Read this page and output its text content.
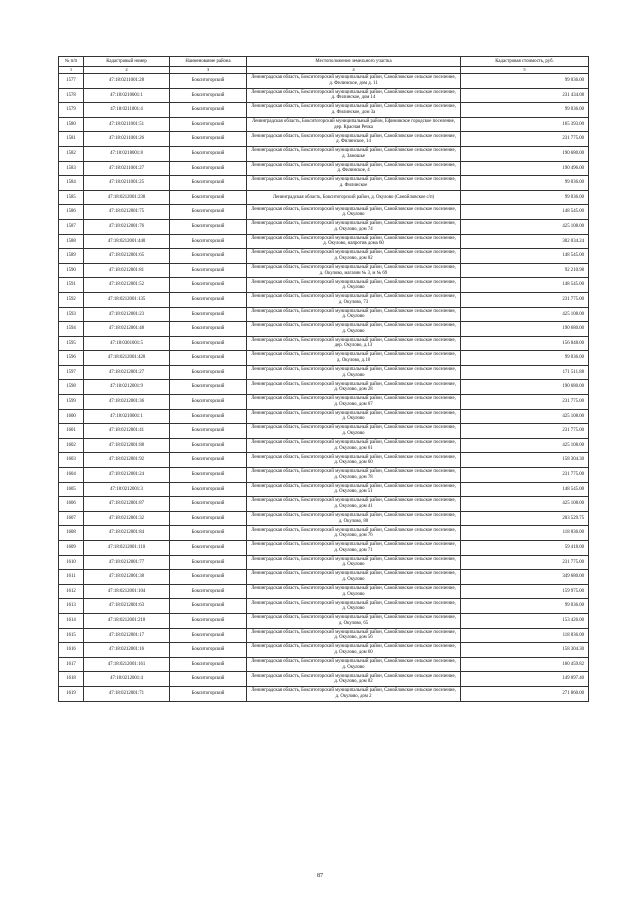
№ п/п	Кадастровый номер	Наименование района	Местоположение земельного участка	Кадастровая стоимость, руб.
1	2	3	4	5
1577	47:18:0211001:28	Бокситогорский	Ленинградская область, Бокситогорский муниципальный район, Самойловское сельское поселение, д. Филинское, дом д. 11	99 036.00
1578	47:18:0210001:1	Бокситогорский	Ленинградская область, Бокситогорский муниципальный район, Самойловское сельское поселение, д. Филинское, дом 14	231 434.08
1579	47:18:0211001:4	Бокситогорский	Ленинградская область, Бокситогорский муниципальный район, Самойловское сельское поселение, д. Филинское, дом 3а	99 036.00
1580	47:18:0211001:51	Бокситогорский	Ленинградская область, Бокситогорский муниципальный район, Ефимовское городское поселение, дер. Красная Речка	165 393.00
1581	47:18:0211001:26	Бокситогорский	Ленинградская область, Бокситогорский муниципальный район, Самойловское сельское поселение, д. Филинское, 14	231 775.00
1582	47:18:0218001:8	Бокситогорский	Ленинградская область, Бокситогорский муниципальный район, Самойловское сельское поселение, д. Замошье	190 680.00
1583	47:18:0211001:27	Бокситогорский	Ленинградская область, Бокситогорский муниципальный район, Самойловское сельское поселение, д. Филинское, 4	190 496.00
1584	47:18:0211001:25	Бокситогорский	Ленинградская область, Бокситогорский муниципальный район, Самойловское сельское поселение, д. Филинское	99 036.00
1585	47:18:0212001:238	Бокситогорский	Ленинградская область, Бокситогорский район, д. Окулово (Самойловское с/п)	99 036.00
1586	47:18:0212001:75	Бокситогорский	Ленинградская область, Бокситогорский муниципальный район, Самойловское сельское поселение, д. Окулово	148 545.00
1587	47:18:0212001:76	Бокситогорский	Ленинградская область, Бокситогорский муниципальный район, Самойловское сельское поселение, д. Окулово, дом 74	425 108.00
1588	47:18:0212001:440	Бокситогорский	Ленинградская область, Бокситогорский муниципальный район, Самойловское сельское поселение, д. Окулово, напротив дома 60	302 034.24
1589	47:18:0212001:65	Бокситогорский	Ленинградская область, Бокситогорский муниципальный район, Самойловское сельское поселение, д. Окулово, дом 82	148 545.00
1590	47:18:0212001:81	Бокситогорский	Ленинградская область, Бокситогорский муниципальный район, Самойловское сельское поселение, д. Окулово, магазин № 3, м № 69	92 210.98
1591	47:18:0212001:52	Бокситогорский	Ленинградская область, Бокситогорский муниципальный район, Самойловское сельское поселение, д. Окулово	148 545.00
1592	47:18:0212001:135	Бокситогорский	Ленинградская область, Бокситогорский муниципальный район, Самойловское сельское поселение, д. Окулово, 73	231 775.00
1593	47:18:0212001:23	Бокситогорский	Ленинградская область, Бокситогорский муниципальный район, Самойловское сельское поселение, д. Окулово	425 108.00
1594	47:18:0212001:48	Бокситогорский	Ленинградская область, Бокситогорский муниципальный район, Самойловское сельское поселение, д. Окулово	190 680.00
1595	47:18:0301001:5	Бокситогорский	Ленинградская область, Бокситогорский муниципальный район, Самойловское сельское поселение, дер. Окулово, д.13	156 848.00
1596	47:18:0212001:428	Бокситогорский	Ленинградская область, Бокситогорский муниципальный район, Самойловское сельское поселение, д. Окулово, д.18	99 036.00
1597	47:18:0212001:27	Бокситогорский	Ленинградская область, Бокситогорский муниципальный район, Самойловское сельское поселение, д. Окулово	171 511.88
1598	47:18:0212001:9	Бокситогорский	Ленинградская область, Бокситогорский муниципальный район, Самойловское сельское поселение, д. Окулово, дом 28	190 680.00
1599	47:18:0212001:36	Бокситогорский	Ленинградская область, Бокситогорский муниципальный район, Самойловское сельское поселение, д. Окулово, дом 67	231 775.00
1600	47:18:0210001:1	Бокситогорский	Ленинградская область, Бокситогорский муниципальный район, Самойловское сельское поселение, д. Окулово	425 108.00
1601	47:18:0212001:41	Бокситогорский	Ленинградская область, Бокситогорский муниципальный район, Самойловское сельское поселение, д. Окулово	231 775.00
1602	47:18:0212001:88	Бокситогорский	Ленинградская область, Бокситогорский муниципальный район, Самойловское сельское поселение, д. Окулово, дом 61	425 108.00
1603	47:18:0212001:92	Бокситогорский	Ленинградская область, Бокситогорский муниципальный район, Самойловское сельское поселение, д. Окулово, дом 60	158 304.30
1604	47:18:0212001:24	Бокситогорский	Ленинградская область, Бокситогорский муниципальный район, Самойловское сельское поселение, д. Окулово, дом 78	231 775.00
1605	47:18:0212001:3	Бокситогорский	Ленинградская область, Бокситогорский муниципальный район, Самойловское сельское поселение, д. Окулово, дом 51	148 545.00
1606	47:18:0212001:87	Бокситогорский	Ленинградская область, Бокситогорский муниципальный район, Самойловское сельское поселение, д. Окулово, дом 41	425 108.00
1607	47:18:0212001:32	Бокситогорский	Ленинградская область, Бокситогорский муниципальный район, Самойловское сельское поселение, д. Окулово, 80	203 529.75
1608	47:18:0212001:84	Бокситогорский	Ленинградская область, Бокситогорский муниципальный район, Самойловское сельское поселение, д. Окулово, дом 76	118 836.00
1609	47:18:0212001:110	Бокситогорский	Ленинградская область, Бокситогорский муниципальный район, Самойловское сельское поселение, д. Окулово, дом 71	59 418.00
1610	47:18:0212001:77	Бокситогорский	Ленинградская область, Бокситогорский муниципальный район, Самойловское сельское поселение, д. Окулово	231 775.00
1611	47:18:0212001:38	Бокситогорский	Ленинградская область, Бокситогорский муниципальный район, Самойловское сельское поселение, д. Окулово	349 680.00
1612	47:18:0212001:104	Бокситогорский	Ленинградская область, Бокситогорский муниципальный район, Самойловское сельское поселение, д. Окулово	159 975.00
1613	47:18:0212001:63	Бокситогорский	Ленинградская область, Бокситогорский муниципальный район, Самойловское сельское поселение, д. Окулово	99 036.00
1614	47:18:0212001:218	Бокситогорский	Ленинградская область, Бокситогорский муниципальный район, Самойловское сельское поселение, д. Окулово, 65	153 426.00
1615	47:18:0212001:17	Бокситогорский	Ленинградская область, Бокситогорский муниципальный район, Самойловское сельское поселение, д. Окулово, дом 56	118 836.00
1616	47:18:0212001:16	Бокситогорский	Ленинградская область, Бокситогорский муниципальный район, Самойловское сельское поселение, д. Окулово, дом 60	158 304.30
1617	47:18:0212001:161	Бокситогорский	Ленинградская область, Бокситогорский муниципальный район, Самойловское сельское поселение, д. Окулово	160 459.82
1618	47:18:0212001:4	Бокситогорский	Ленинградская область, Бокситогорский муниципальный район, Самойловское сельское поселение, д. Окулово, дом 82	149 097.40
1619	47:18:0212001:71	Бокситогорский	Ленинградская область, Бокситогорский муниципальный район, Самойловское сельское поселение, д. Окулово, дом 2	271 860.00
87
